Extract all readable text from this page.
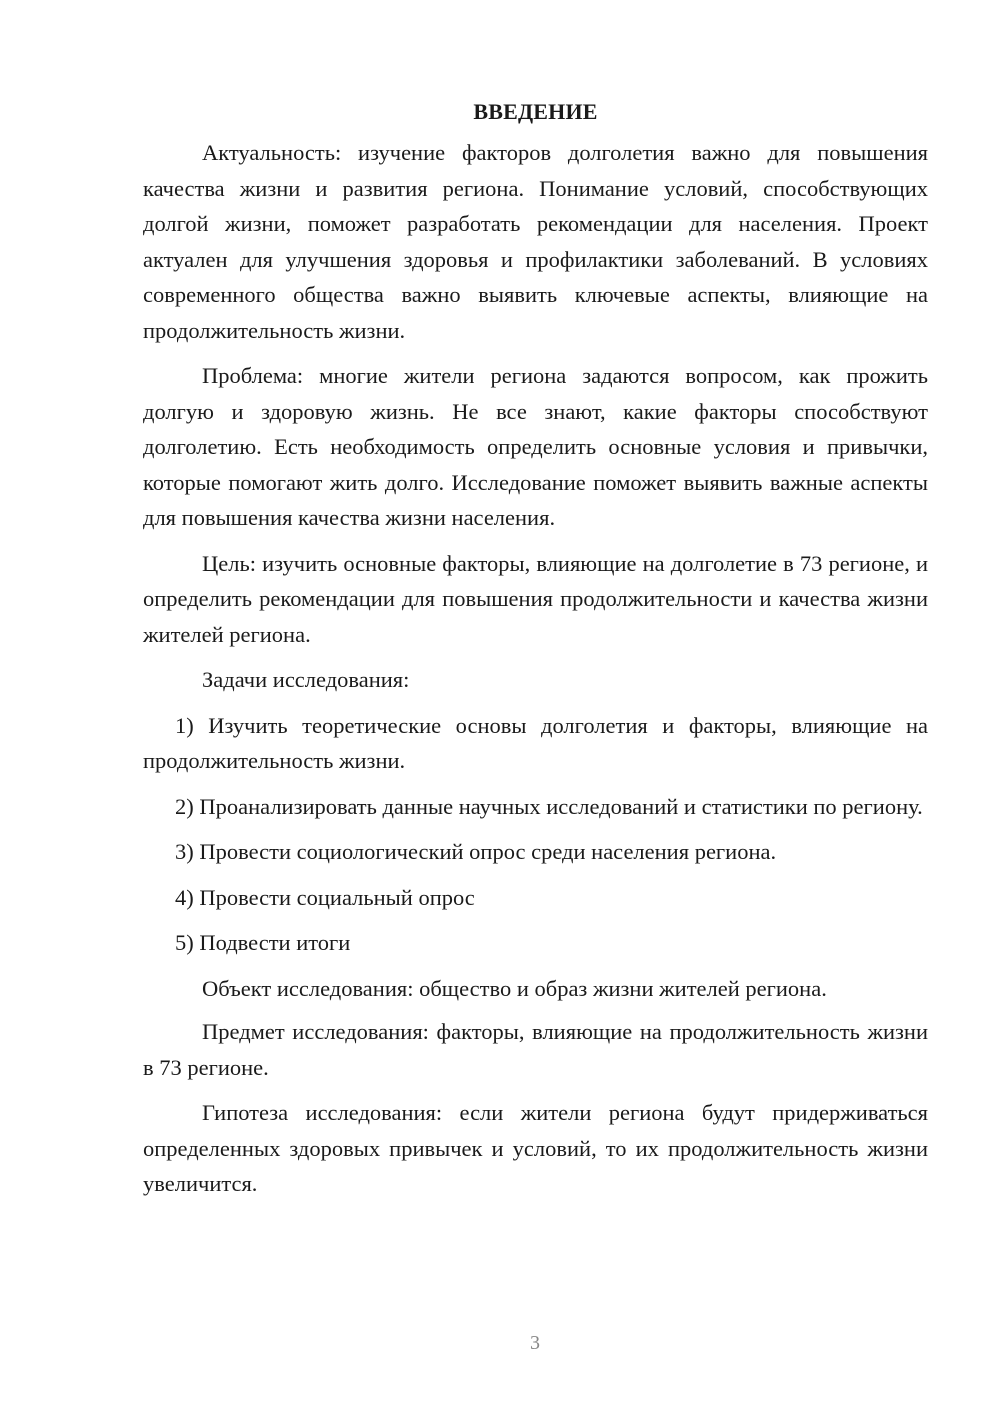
ВВЕДЕНИЕ

Актуальность: изучение факторов долголетия важно для повышения качества жизни и развития региона. Понимание условий, способствующих долгой жизни, поможет разработать рекомендации для населения. Проект актуален для улучшения здоровья и профилактики заболеваний. В условиях современного общества важно выявить ключевые аспекты, влияющие на продолжительность жизни.

Проблема: многие жители региона задаются вопросом, как прожить долгую и здоровую жизнь. Не все знают, какие факторы способствуют долголетию. Есть необходимость определить основные условия и привычки, которые помогают жить долго. Исследование поможет выявить важные аспекты для повышения качества жизни населения.

Цель: изучить основные факторы, влияющие на долголетие в 73 регионе, и определить рекомендации для повышения продолжительности и качества жизни жителей региона.

Задачи исследования:

1) Изучить теоретические основы долголетия и факторы, влияющие на продолжительность жизни.

2) Проанализировать данные научных исследований и статистики по региону.

3) Провести социологический опрос среди населения региона.

4) Провести социальный опрос

5) Подвести итоги

Объект исследования: общество и образ жизни жителей региона.

Предмет исследования: факторы, влияющие на продолжительность жизни в 73 регионе.

Гипотеза исследования: если жители региона будут придерживаться определенных здоровых привычек и условий, то их продолжительность жизни увеличится.

3
